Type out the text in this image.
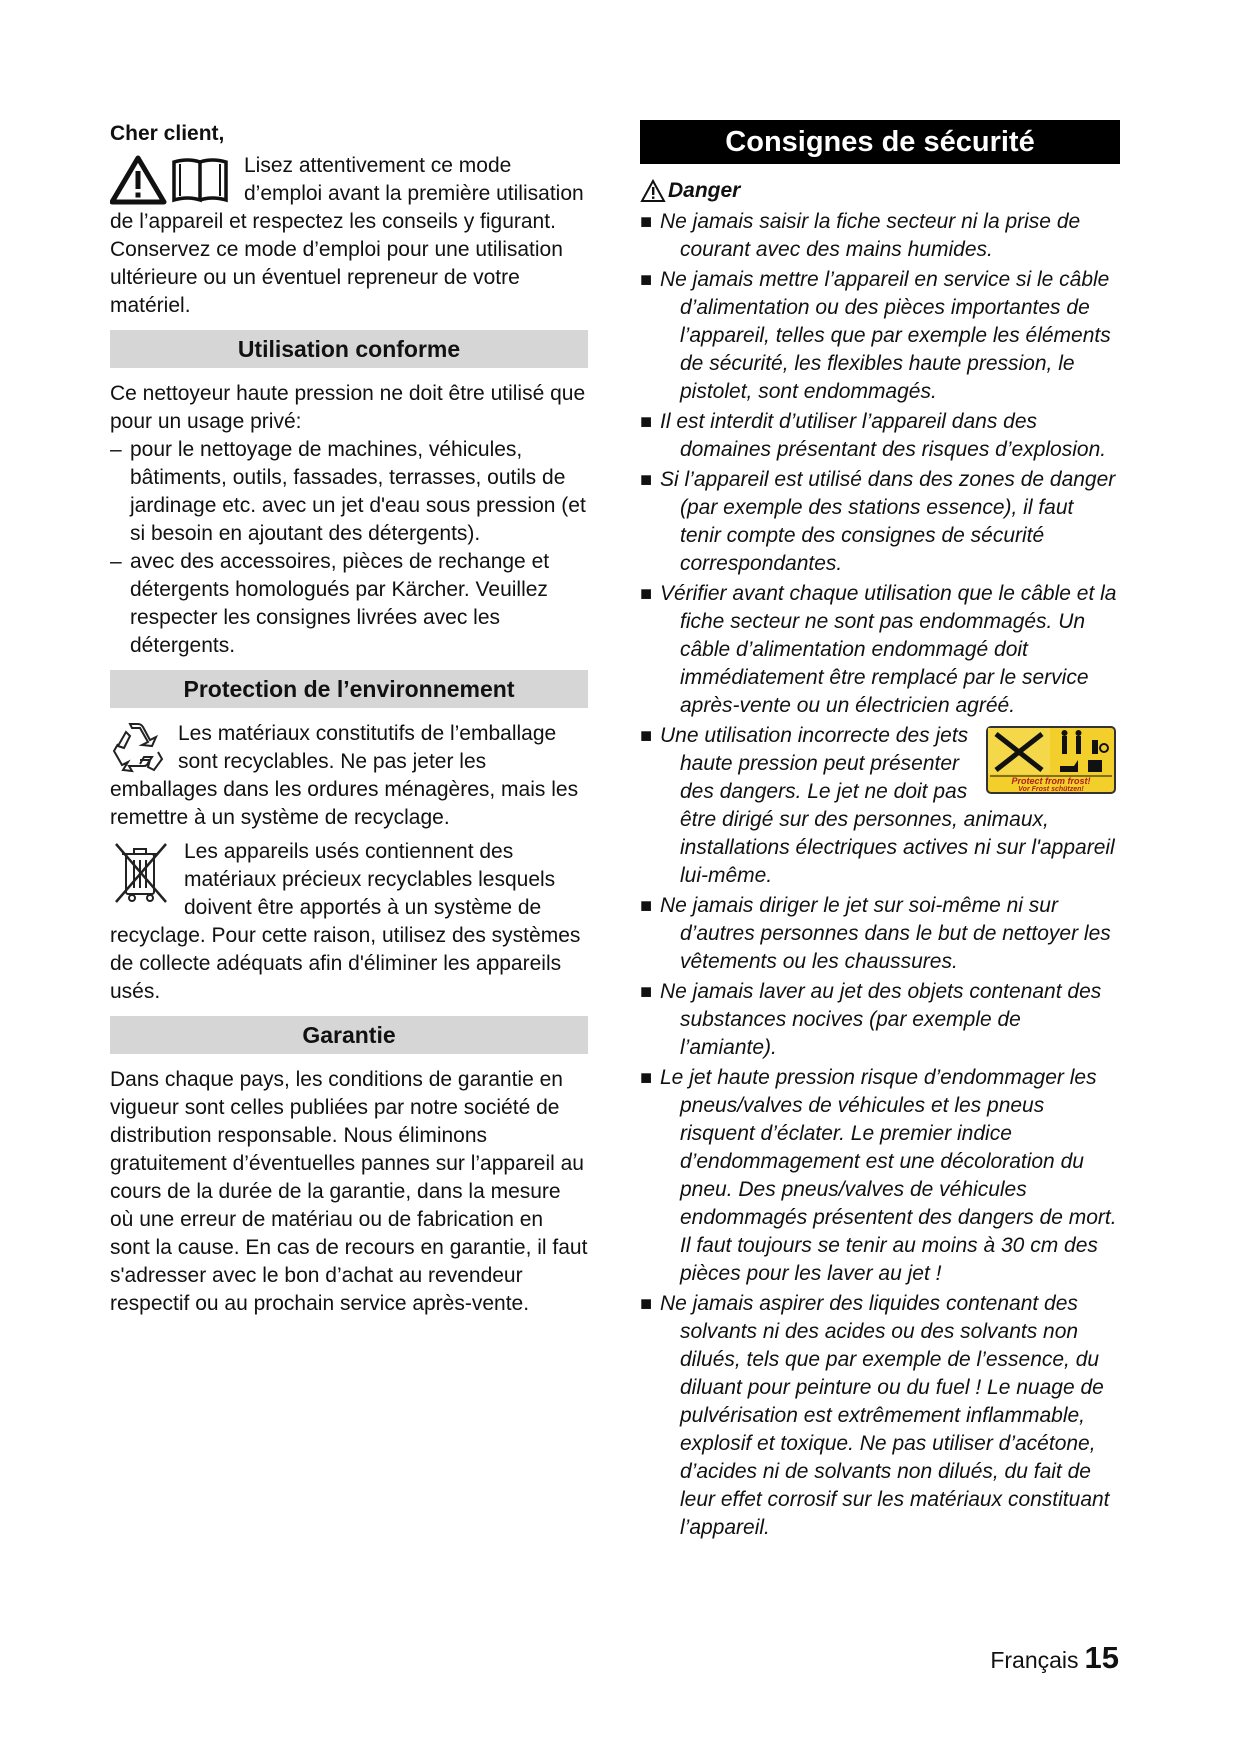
Cher client,

Lisez attentivement ce mode d’emploi avant la première utilisation de l’appareil et respectez les conseils y figurant. Conservez ce mode d’emploi pour une utilisation ultérieure ou un éventuel repreneur de votre matériel.

Utilisation conforme

Ce nettoyeur haute pression ne doit être utilisé que pour un usage privé:

– pour le nettoyage de machines, véhicules, bâtiments, outils, fassades, terrasses, outils de jardinage etc. avec un jet d'eau sous pression (et si besoin en ajoutant des détergents).
– avec des accessoires, pièces de rechange et détergents homologués par Kärcher. Veuillez respecter les consignes livrées avec les détergents.
Protection de l’environnement

Les matériaux constitutifs de l’emballage sont recyclables. Ne pas jeter les emballages dans les ordures ménagères, mais les remettre à un système de recyclage.

Les appareils usés contiennent des matériaux précieux recyclables lesquels doivent être apportés à un système de recyclage. Pour cette raison, utilisez des systèmes de collecte adéquats afin d'éliminer les appareils usés.

Garantie

Dans chaque pays, les conditions de garantie en vigueur sont celles publiées par notre société de distribution responsable. Nous éliminons gratuitement d’éventuelles pannes sur l’appareil au cours de la durée de la garantie, dans la mesure où une erreur de matériau ou de fabrication en sont la cause. En cas de recours en garantie, il faut s'adresser avec le bon d’achat au revendeur respectif ou au prochain service après-vente.

Consignes de sécurité
Danger
■ Ne jamais saisir la fiche secteur ni la prise de courant avec des mains humides.
■ Ne jamais mettre l’appareil en service si le câble d’alimentation ou des pièces importantes de l’appareil, telles que par exemple les éléments de sécurité, les flexibles haute pression, le pistolet, sont endommagés.
■ Il est interdit d’utiliser l’appareil dans des domaines présentant des risques d’explosion.
■ Si l’appareil est utilisé dans des zones de danger (par exemple des stations essence), il faut tenir compte des consignes de sécurité correspondantes.
■ Vérifier avant chaque utilisation que le câble et la fiche secteur ne sont pas endommagés. Un câble d’alimentation endommagé doit immédiatement être remplacé par le service après-vente ou un électricien agréé.
■
Protect from frost!
Vor Frost schützen!
Une utilisation incorrecte des jets haute pression peut présenter des dangers. Le jet ne doit pas être dirigé sur des personnes, animaux, installations électriques actives ni sur l'appareil lui-même.
■ Ne jamais diriger le jet sur soi-même ni sur d’autres personnes dans le but de nettoyer les vêtements ou les chaussures.
■ Ne jamais laver au jet des objets contenant des substances nocives (par exemple de l’amiante).
■ Le jet haute pression risque d’endommager les pneus/valves de véhicules et les pneus risquent d’éclater. Le premier indice d’endommagement est une décoloration du pneu. Des pneus/valves de véhicules endommagés présentent des dangers de mort. Il faut toujours se tenir au moins à 30 cm des pièces pour les laver au jet !
■ Ne jamais aspirer des liquides contenant des solvants ni des acides ou des solvants non dilués, tels que par exemple de l’essence, du diluant pour peinture ou du fuel ! Le nuage de pulvérisation est extrêmement inflammable, explosif et toxique. Ne pas utiliser d’acétone, d’acides ni de solvants non dilués, du fait de leur effet corrosif sur les matériaux constituant l’appareil.
Français 15
